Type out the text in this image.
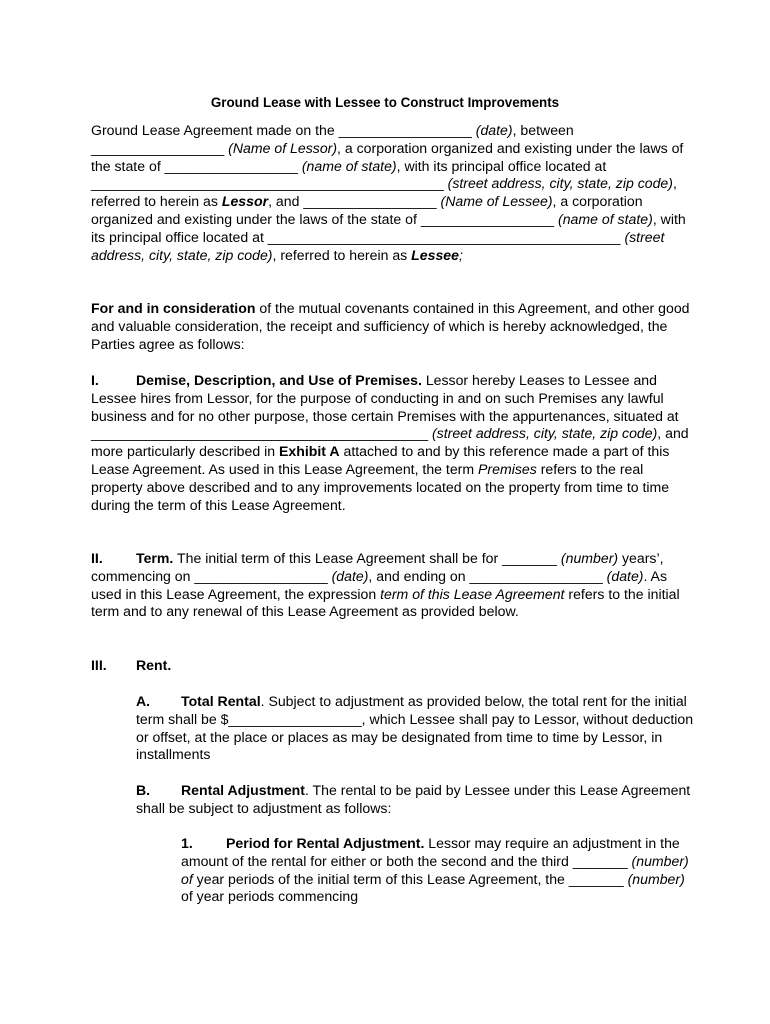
Ground Lease with Lessee to Construct Improvements

Ground Lease Agreement made on the _________________ (date), between _________________ (Name of Lessor), a corporation organized and existing under the laws of the state of _________________ (name of state), with its principal office located at _____________________________________________ (street address, city, state, zip code), referred to herein as Lessor, and _________________ (Name of Lessee), a corporation organized and existing under the laws of the state of _________________ (name of state), with its principal office located at _____________________________________________ (street address, city, state, zip code), referred to herein as Lessee;

For and in consideration of the mutual covenants contained in this Agreement, and other good and valuable consideration, the receipt and sufficiency of which is hereby acknowledged, the Parties agree as follows:

I.	Demise, Description, and Use of Premises. Lessor hereby Leases to Lessee and Lessee hires from Lessor, for the purpose of conducting in and on such Premises any lawful business and for no other purpose, those certain Premises with the appurtenances, situated at ___________________________________________ (street address, city, state, zip code), and more particularly described in Exhibit A attached to and by this reference made a part of this Lease Agreement. As used in this Lease Agreement, the term Premises refers to the real property above described and to any improvements located on the property from time to time during the term of this Lease Agreement.

II. Term. The initial term of this Lease Agreement shall be for _______ (number) years’, commencing on _________________ (date), and ending on _________________ (date). As used in this Lease Agreement, the expression term of this Lease Agreement refers to the initial term and to any renewal of this Lease Agreement as provided below.

III. Rent.

A. Total Rental. Subject to adjustment as provided below, the total rent for the initial term shall be $_________________, which Lessee shall pay to Lessor, without deduction or offset, at the place or places as may be designated from time to time by Lessor, in installments

B. Rental Adjustment. The rental to be paid by Lessee under this Lease Agreement shall be subject to adjustment as follows:

1. Period for Rental Adjustment. Lessor may require an adjustment in the amount of the rental for either or both the second and the third _______ (number) of year periods of the initial term of this Lease Agreement, the _______ (number) of year periods commencing
